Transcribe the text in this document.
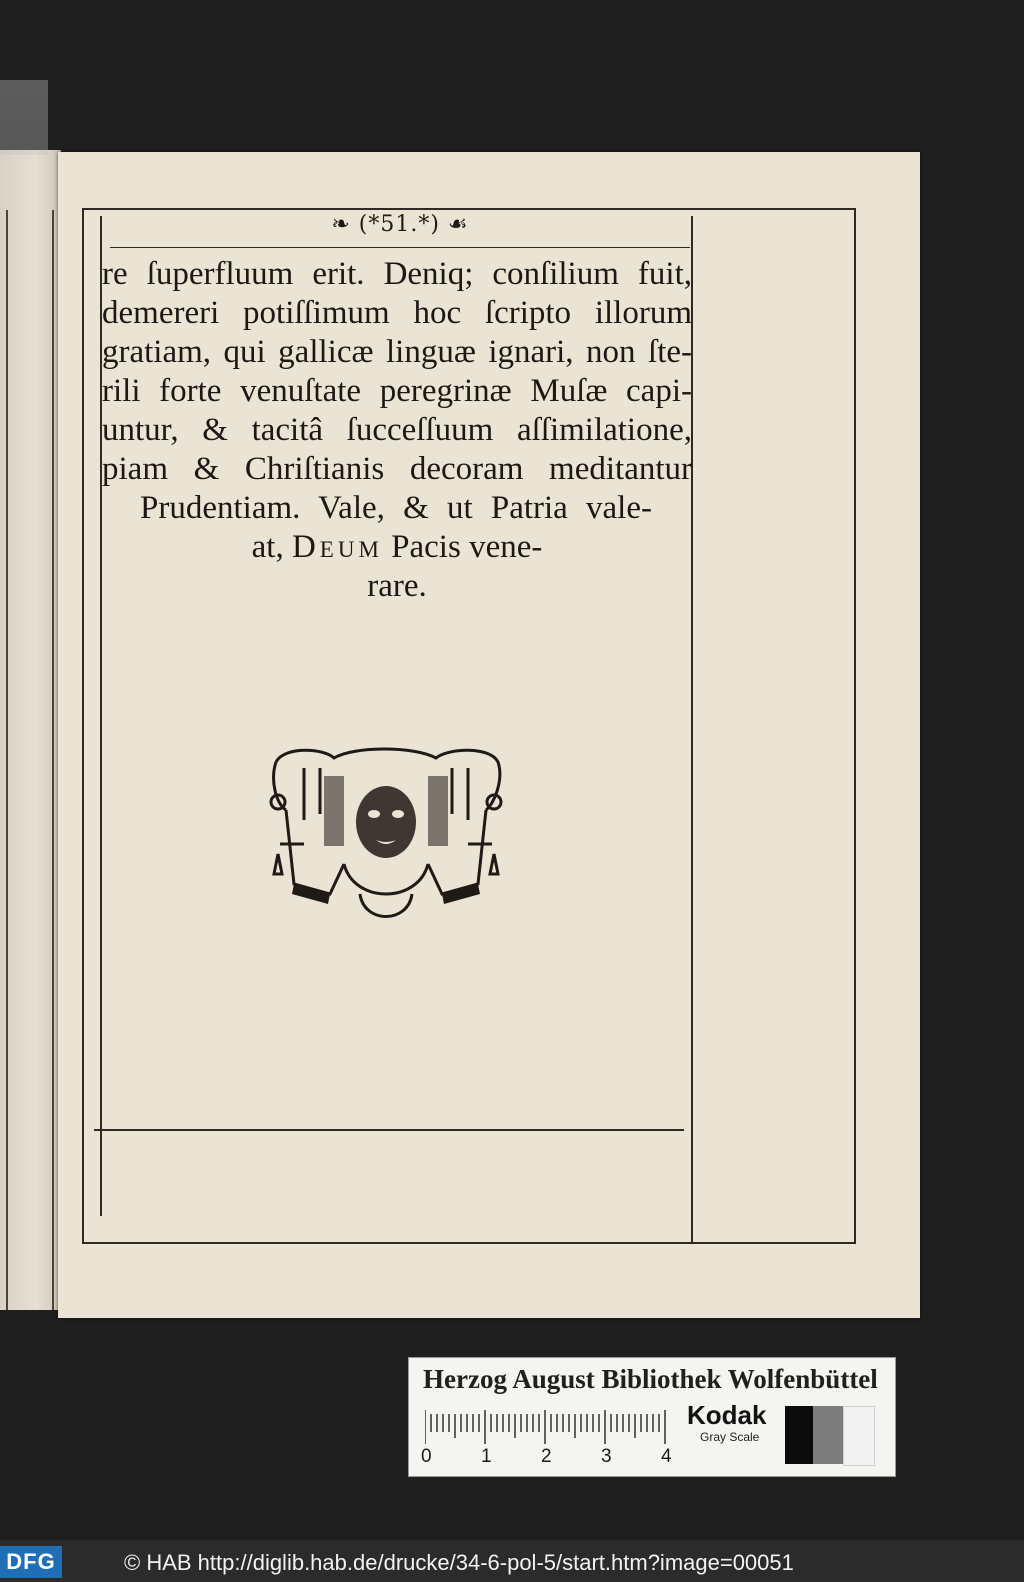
❧ (*51.*) ☙
re ſuperfluum erit. Deniq; conſilium fuit,
demereri potiſſimum hoc ſcripto illorum
gratiam, qui gallicæ linguæ ignari, non ſte-
rili forte venuſtate peregrinæ Muſæ capi-
untur, & tacitâ ſucceſſuum aſſimilatione,
piam & Chriſtianis decoram meditantur
Prudentiam. Vale, & ut Patria vale-
at, Deum Pacis vene-
rare.
Herzog August Bibliothek Wolfenbüttel
0	1	2	3	4
Kodak
Gray Scale
DFG	© HAB http://diglib.hab.de/drucke/34-6-pol-5/start.htm?image=00051
